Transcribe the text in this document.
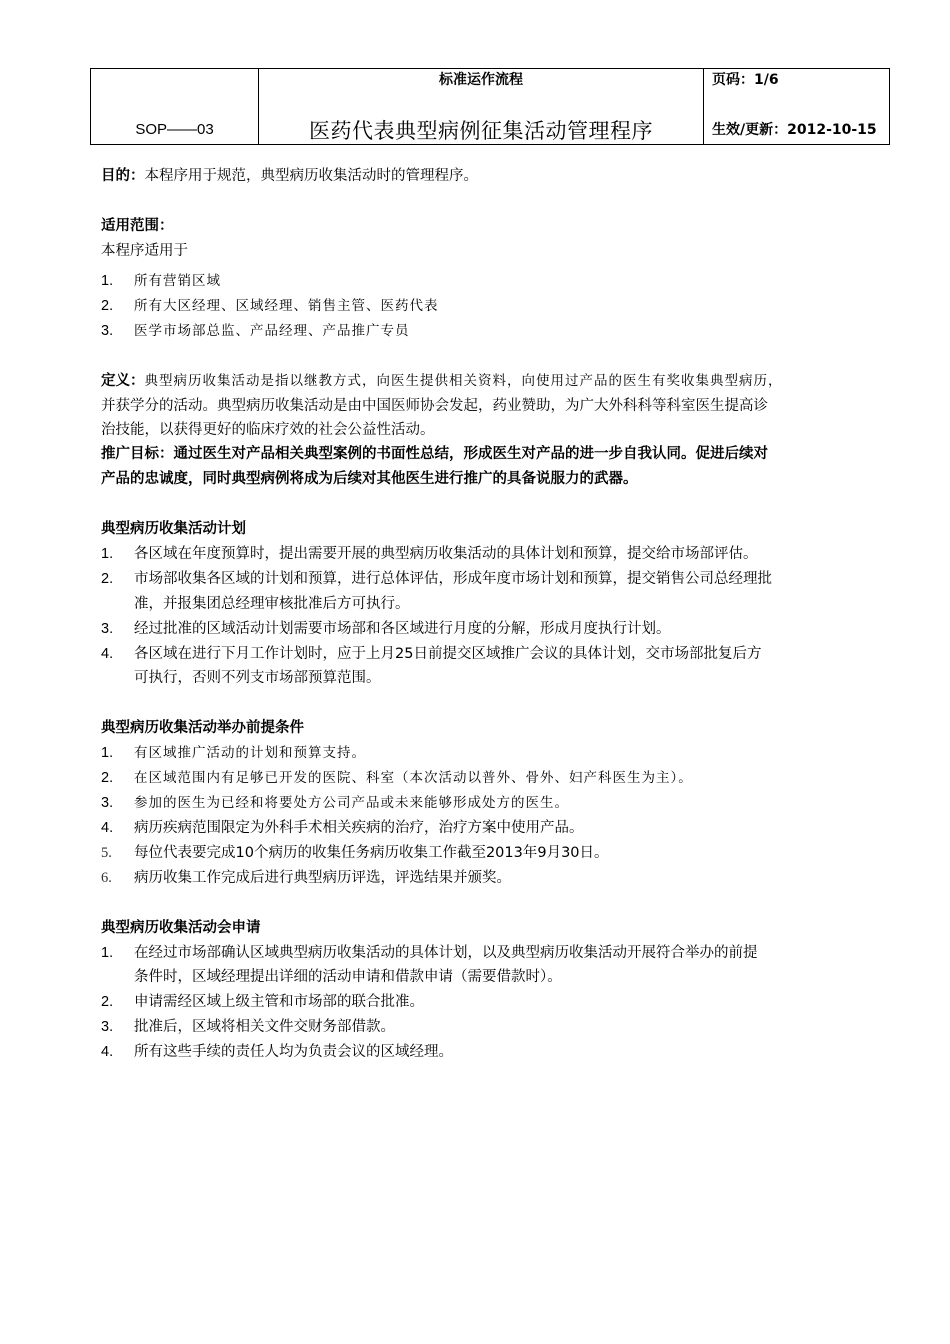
SOP——03

标准运作流程
医药代表典型病例征集活动管理程序

页码：1/6
生效/更新：2012-10-15
目的：本程序用于规范，典型病历收集活动时的管理程序。
适用范围：
本程序适用于
1. 所有营销区域
2. 所有大区经理、区域经理、销售主管、医药代表
3. 医学市场部总监、产品经理、产品推广专员
定义：典型病历收集活动是指以继教方式，向医生提供相关资料，向使用过产品的医生有奖收集典型病历，
并获学分的活动。典型病历收集活动是由中国医师协会发起，药业赞助，为广大外科科等科室医生提高诊
治技能，以获得更好的临床疗效的社会公益性活动。
推广目标：通过医生对产品相关典型案例的书面性总结，形成医生对产品的进一步自我认同。促进后续对
产品的忠诚度，同时典型病例将成为后续对其他医生进行推广的具备说服力的武器。
典型病历收集活动计划
1. 各区域在年度预算时，提出需要开展的典型病历收集活动的具体计划和预算，提交给市场部评估。
2. 市场部收集各区域的计划和预算，进行总体评估，形成年度市场计划和预算，提交销售公司总经理批
准，并报集团总经理审核批准后方可执行。
3. 经过批准的区域活动计划需要市场部和各区域进行月度的分解，形成月度执行计划。
4. 各区域在进行下月工作计划时，应于上月25日前提交区域推广会议的具体计划，交市场部批复后方
可执行，否则不列支市场部预算范围。
典型病历收集活动举办前提条件
1. 有区域推广活动的计划和预算支持。
2. 在区域范围内有足够已开发的医院、科室（本次活动以普外、骨外、妇产科医生为主）。
3. 参加的医生为已经和将要处方公司产品或未来能够形成处方的医生。
4. 病历疾病范围限定为外科手术相关疾病的治疗，治疗方案中使用产品。
5. 每位代表要完成10个病历的收集任务病历收集工作截至2013年9月30日。
6. 病历收集工作完成后进行典型病历评选，评选结果并颁奖。
典型病历收集活动会申请
1. 在经过市场部确认区域典型病历收集活动的具体计划，以及典型病历收集活动开展符合举办的前提
条件时，区域经理提出详细的活动申请和借款申请（需要借款时）。
2. 申请需经区域上级主管和市场部的联合批准。
3. 批准后，区域将相关文件交财务部借款。
4. 所有这些手续的责任人均为负责会议的区域经理。
